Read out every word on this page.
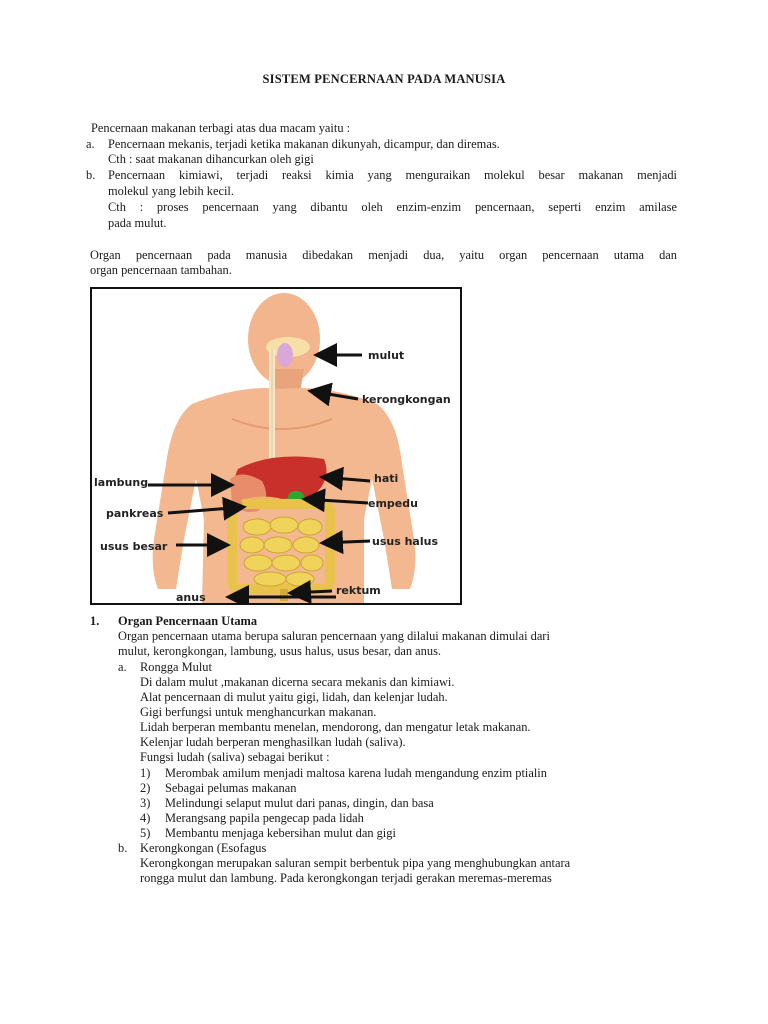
SISTEM PENCERNAAN PADA MANUSIA
Pencernaan makanan terbagi atas dua macam yaitu :
a. Pencernaan mekanis, terjadi ketika makanan dikunyah, dicampur, dan diremas.
Cth : saat makanan dihancurkan oleh gigi
b. Pencernaan kimiawi, terjadi reaksi kimia yang menguraikan molekul besar makanan menjadi
molekul yang lebih kecil.
Cth : proses pencernaan yang dibantu oleh enzim-enzim pencernaan, seperti enzim amilase
pada mulut.
Organ pencernaan pada manusia dibedakan menjadi dua, yaitu organ pencernaan utama dan
organ pencernaan tambahan.
mulut
kerongkongan
lambung	hati
empedu
pankreas
usus besar	usus halus
rektum
anus
1. Organ Pencernaan Utama
Organ pencernaan utama berupa saluran pencernaan yang dilalui makanan dimulai dari
mulut, kerongkongan, lambung, usus halus, usus besar, dan anus.
a. Rongga Mulut
Di dalam mulut ,makanan dicerna secara mekanis dan kimiawi.
Alat pencernaan di mulut yaitu gigi, lidah, dan kelenjar ludah.
Gigi berfungsi untuk menghancurkan makanan.
Lidah berperan membantu menelan, mendorong, dan mengatur letak makanan.
Kelenjar ludah berperan menghasilkan ludah (saliva).
Fungsi ludah (saliva) sebagai berikut :
1) Merombak amilum menjadi maltosa karena ludah mengandung enzim ptialin
2) Sebagai pelumas makanan
3) Melindungi selaput mulut dari panas, dingin, dan basa
4) Merangsang papila pengecap pada lidah
5) Membantu menjaga kebersihan mulut dan gigi
b. Kerongkongan (Esofagus
Kerongkongan merupakan saluran sempit berbentuk pipa yang menghubungkan antara
rongga mulut dan lambung. Pada kerongkongan terjadi gerakan meremas-meremas
